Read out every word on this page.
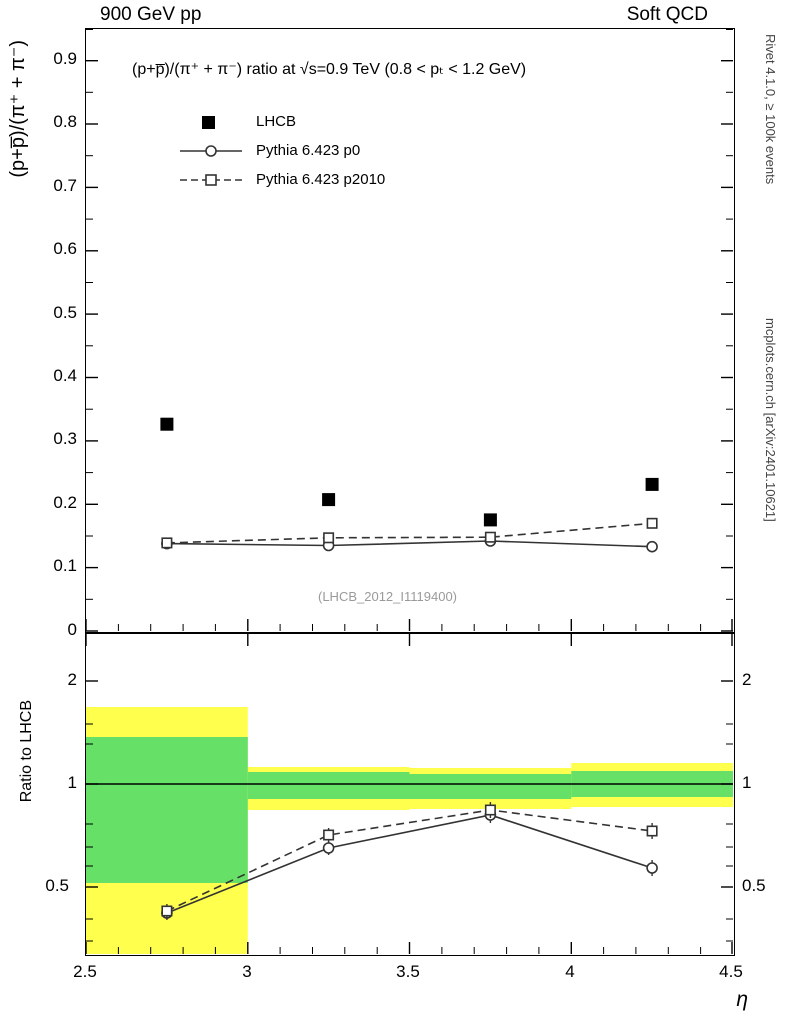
900 GeV pp	Soft QCD
Rivet 4.1.0, ≥ 100k events
mcplots.cern.ch [arXiv:2401.10621]
(p+p̅)/(π⁺ + π⁻)
Ratio to LHCB
η
(p+p̅)/(π⁺ + π⁻) ratio at √s=0.9 TeV (0.8 < pₜ < 1.2 GeV)
(LHCB_2012_I1119400)
LHCB
Pythia 6.423 p0
Pythia 6.423 p2010
0
0.1
0.2
0.3
0.4
0.5
0.6
0.7
0.8
0.9
2
1
0.5
2
1
0.5
2.5	3	3.5	4	4.5
